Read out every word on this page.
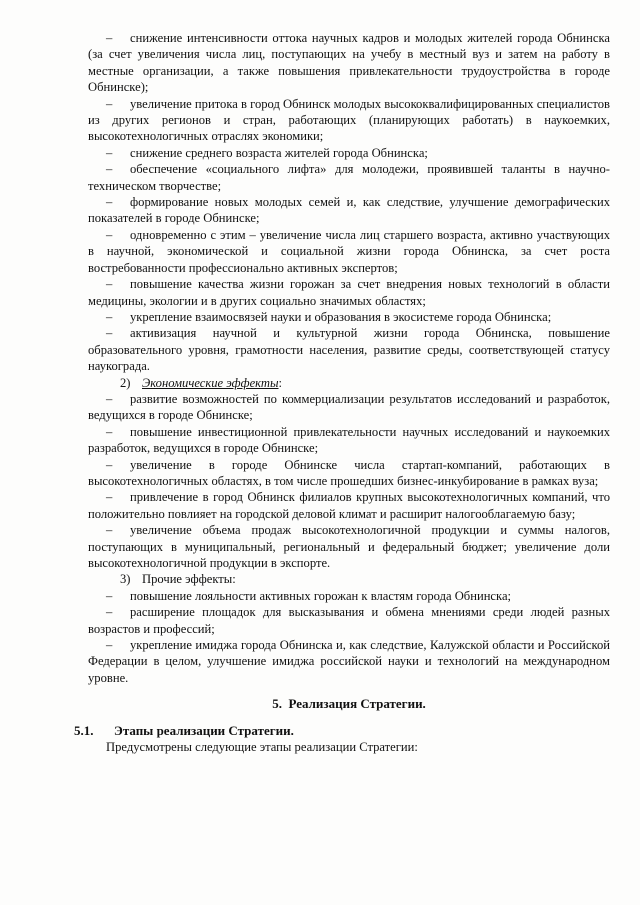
– снижение интенсивности оттока научных кадров и молодых жителей города Обнинска (за счет увеличения числа лиц, поступающих на учебу в местный вуз и затем на работу в местные организации, а также повышения привлекательности трудоустройства в городе Обнинске);

– увеличение притока в город Обнинск молодых высококвалифицированных специалистов из других регионов и стран, работающих (планирующих работать) в наукоемких, высокотехнологичных отраслях экономики;

– снижение среднего возраста жителей города Обнинска;

– обеспечение «социального лифта» для молодежи, проявившей таланты в научно-техническом творчестве;

– формирование новых молодых семей и, как следствие, улучшение демографических показателей в городе Обнинске;

– одновременно с этим – увеличение числа лиц старшего возраста, активно участвующих в научной, экономической и социальной жизни города Обнинска, за счет роста востребованности профессионально активных экспертов;

– повышение качества жизни горожан за счет внедрения новых технологий в области медицины, экологии и в других социально значимых областях;

– укрепление взаимосвязей науки и образования в экосистеме города Обнинска;

– активизация научной и культурной жизни города Обнинска, повышение образовательного уровня, грамотности населения, развитие среды, соответствующей статусу наукограда.

2) Экономические эффекты:

– развитие возможностей по коммерциализации результатов исследований и разработок, ведущихся в городе Обнинске;

– повышение инвестиционной привлекательности научных исследований и наукоемких разработок, ведущихся в городе Обнинске;

– увеличение в городе Обнинске числа стартап-компаний, работающих в высокотехнологичных областях, в том числе прошедших бизнес-инкубирование в рамках вуза;

– привлечение в город Обнинск филиалов крупных высокотехнологичных компаний, что положительно повлияет на городской деловой климат и расширит налогооблагаемую базу;

– увеличение объема продаж высокотехнологичной продукции и суммы налогов, поступающих в муниципальный, региональный и федеральный бюджет; увеличение доли высокотехнологичной продукции в экспорте.

3) Прочие эффекты:

– повышение лояльности активных горожан к властям города Обнинска;

– расширение площадок для высказывания и обмена мнениями среди людей разных возрастов и профессий;

– укрепление имиджа города Обнинска и, как следствие, Калужской области и Российской Федерации в целом, улучшение имиджа российской науки и технологий на международном уровне.

5. Реализация Стратегии.
5.1. Этапы реализации Стратегии.

Предусмотрены следующие этапы реализации Стратегии:
